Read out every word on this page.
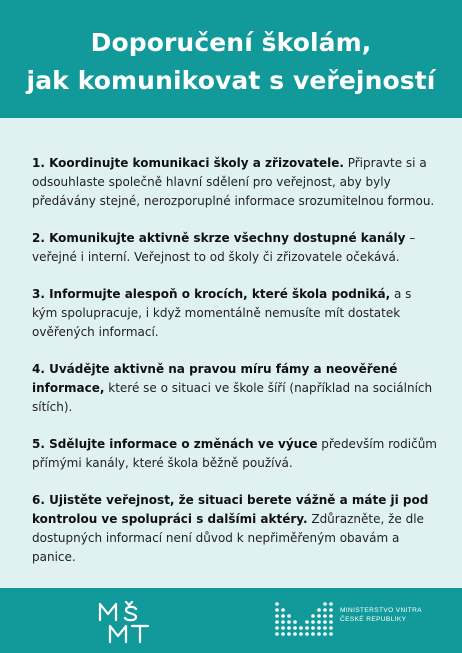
Doporučení školám,
jak komunikovat s veřejností

1. Koordinujte komunikaci školy a zřizovatele. Připravte si a odsouhlaste společně hlavní sdělení pro veřejnost, aby byly předávány stejné, nerozporuplné informace srozumitelnou formou.

2. Komunikujte aktivně skrze všechny dostupné kanály – veřejné i interní. Veřejnost to od školy či zřizovatele očekává.

3. Informujte alespoň o krocích, které škola podniká, a s kým spolupracuje, i když momentálně nemusíte mít dostatek ověřených informací.

4. Uvádějte aktivně na pravou míru fámy a neověřené informace, které se o situaci ve škole šíří (například na sociálních sítích).

5. Sdělujte informace o změnách ve výuce především rodičům přímými kanály, které škola běžně používá.

6. Ujistěte veřejnost, že situaci berete vážně a máte ji pod kontrolou ve spolupráci s dalšími aktéry. Zdůrazněte, že dle dostupných informací není důvod k nepřiměřeným obavám a panice.

MINISTERSTVO VNITRA
ČESKÉ REPUBLIKY
